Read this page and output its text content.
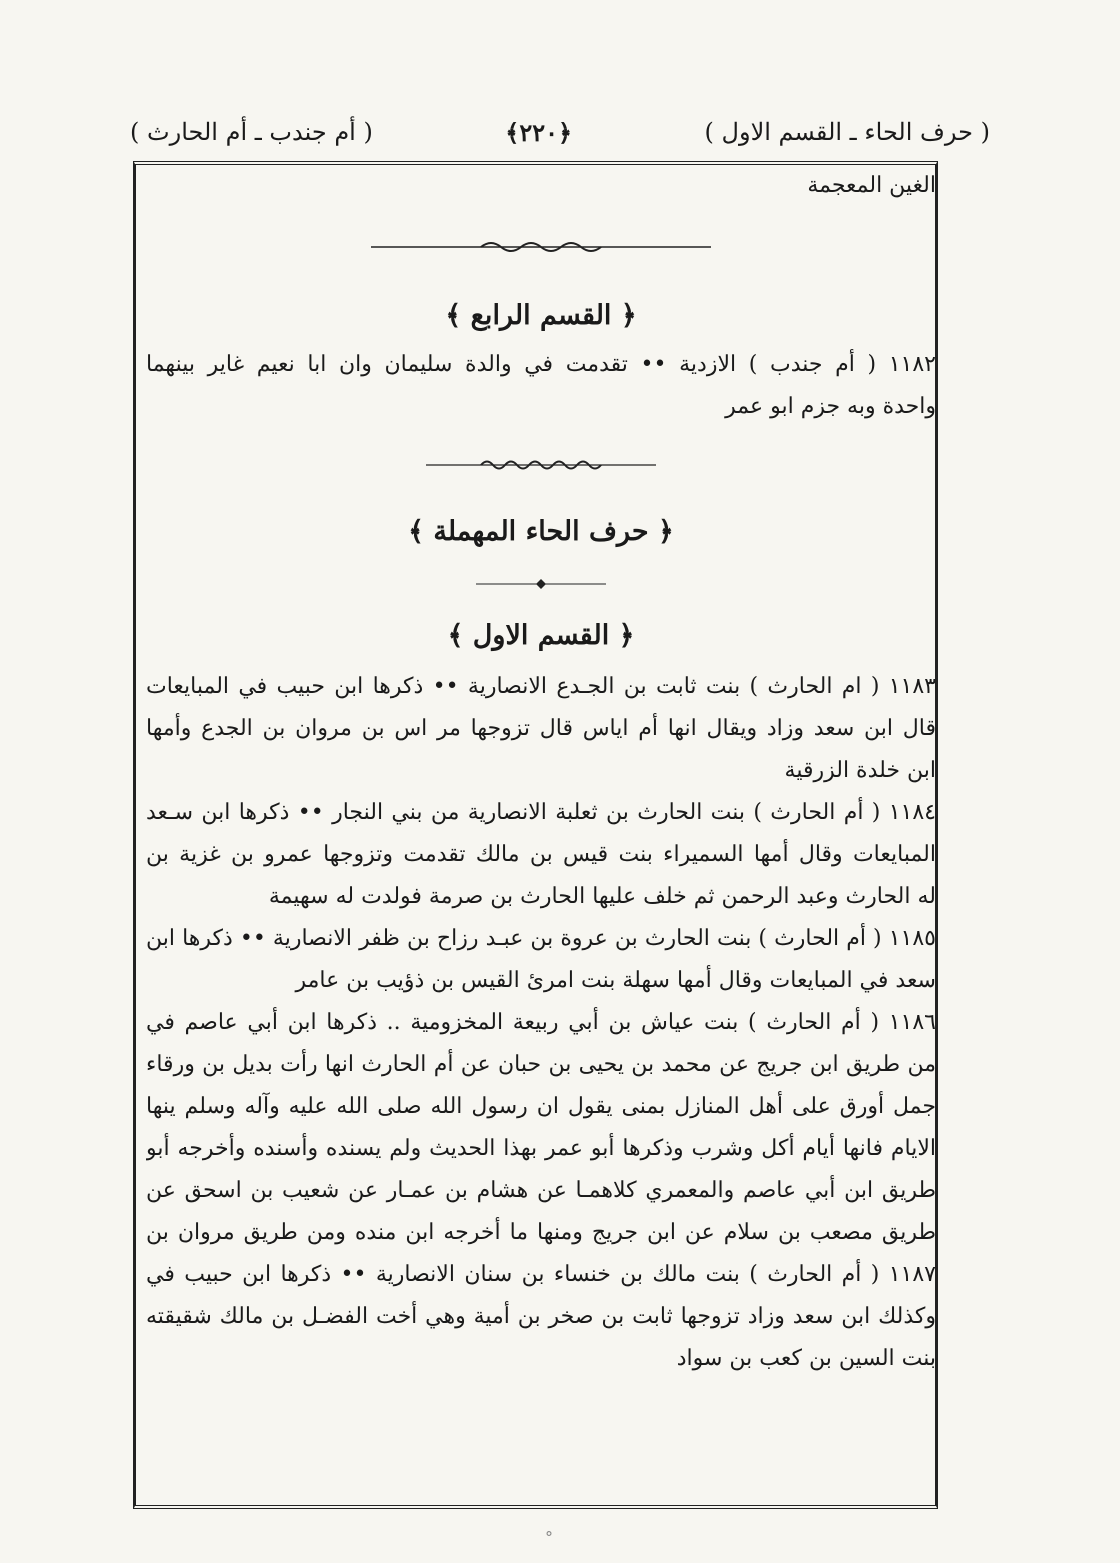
( حرف الحاء ـ القسم الاول )
﴿٢٢٠﴾
( أم جندب ـ أم الحارث )
الغين المعجمة
﴿ القسم الرابع ﴾
١١٨٢ ( أم جندب ) الازدية •• تقدمت في والدة سليمان وان ابا نعيم غاير بينهما
واحدة وبه جزم ابو عمر
﴿ حرف الحاء المهملة ﴾
﴿ القسم الاول ﴾
١١٨٣ ( ام الحارث ) بنت ثابت بن الجـدع الانصارية •• ذكرها ابن حبيب في المبايعات
قال ابن سعد وزاد ويقال انها أم اياس قال تزوجها مر اس بن مروان بن الجدع وأمها
ابن خلدة الزرقية
١١٨٤ ( أم الحارث ) بنت الحارث بن ثعلبة الانصارية من بني النجار •• ذكرها ابن سـعد
المبايعات وقال أمها السميراء بنت قيس بن مالك تقدمت وتزوجها عمرو بن غزية بن
له الحارث وعبد الرحمن ثم خلف عليها الحارث بن صرمة فولدت له سهيمة
١١٨٥ ( أم الحارث ) بنت الحارث بن عروة بن عبـد رزاح بن ظفر الانصارية •• ذكرها ابن
سعد في المبايعات وقال أمها سهلة بنت امرئ القيس بن ذؤيب بن عامر
١١٨٦ ( أم الحارث ) بنت عياش بن أبي ربيعة المخزومية .. ذكرها ابن أبي عاصم في
من طريق ابن جريج عن محمد بن يحيى بن حبان عن أم الحارث انها رأت بديل بن ورقاء
جمل أورق على أهل المنازل بمنى يقول ان رسول الله صلى الله عليه وآله وسلم ينها
الايام فانها أيام أكل وشرب وذكرها أبو عمر بهذا الحديث ولم يسنده وأسنده وأخرجه أبو
طريق ابن أبي عاصم والمعمري كلاهمـا عن هشام بن عمـار عن شعيب بن اسحق عن
طريق مصعب بن سلام عن ابن جريج ومنها ما أخرجه ابن منده ومن طريق مروان بن
١١٨٧ ( أم الحارث ) بنت مالك بن خنساء بن سنان الانصارية •• ذكرها ابن حبيب في
وكذلك ابن سعد وزاد تزوجها ثابت بن صخر بن أمية وهي أخت الفضـل بن مالك شقيقته
بنت السين بن كعب بن سواد
°
